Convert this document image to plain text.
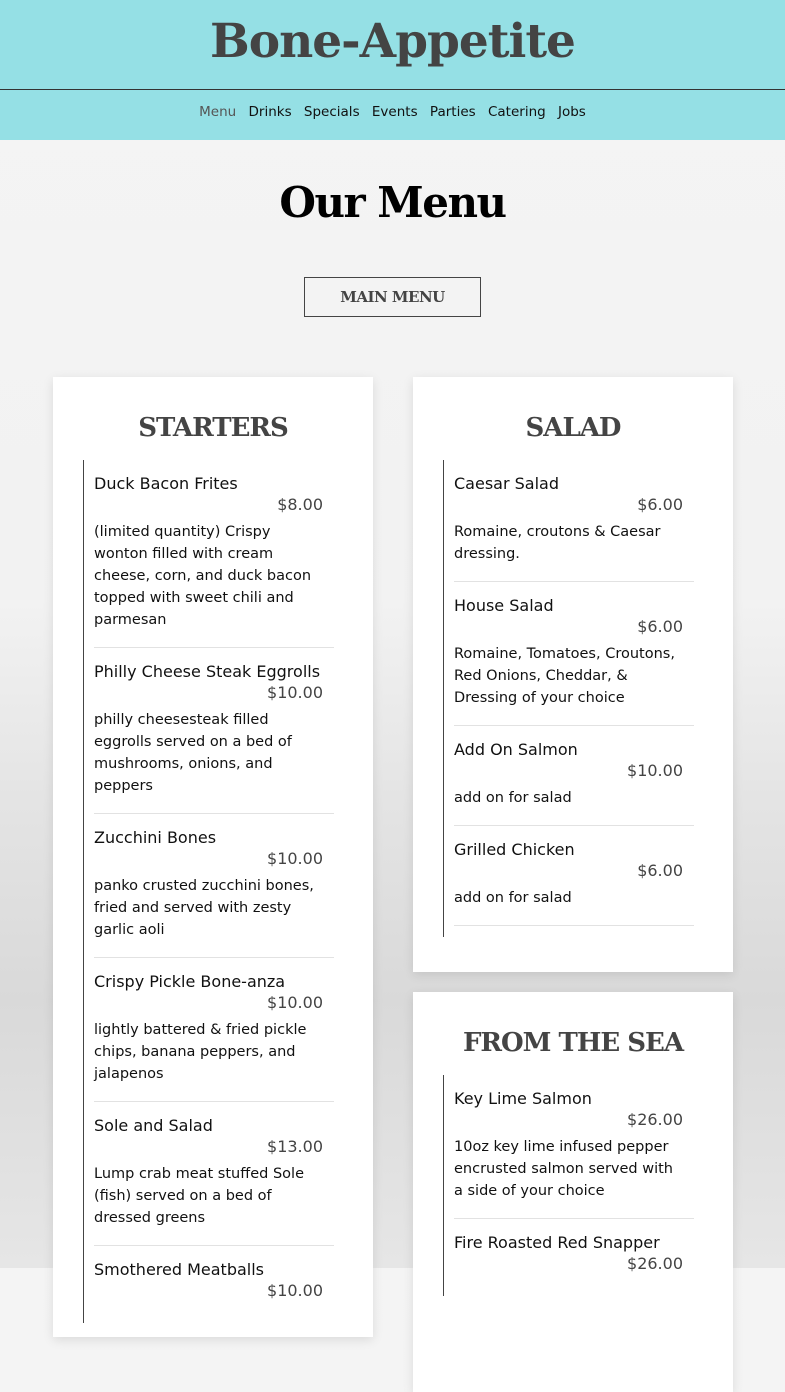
Bone-Appetite
Menu Drinks Specials Events Parties Catering Jobs
Our Menu
MAIN MENU
STARTERS
Duck Bacon Frites
$8.00
(limited quantity) Crispy wonton filled with cream cheese, corn, and duck bacon topped with sweet chili and parmesan
Philly Cheese Steak Eggrolls
$10.00
philly cheesesteak filled eggrolls served on a bed of mushrooms, onions, and peppers
Zucchini Bones
$10.00
panko crusted zucchini bones, fried and served with zesty garlic aoli
Crispy Pickle Bone-anza
$10.00
lightly battered & fried pickle chips, banana peppers, and jalapenos
Sole and Salad
$13.00
Lump crab meat stuffed Sole (fish) served on a bed of dressed greens
Smothered Meatballs
$10.00
SALAD
Caesar Salad
$6.00
Romaine, croutons & Caesar dressing.
House Salad
$6.00
Romaine, Tomatoes, Croutons, Red Onions, Cheddar, & Dressing of your choice
Add On Salmon
$10.00
add on for salad
Grilled Chicken
$6.00
add on for salad
FROM THE SEA
Key Lime Salmon
$26.00
10oz key lime infused pepper encrusted salmon served with a side of your choice
Fire Roasted Red Snapper
$26.00
